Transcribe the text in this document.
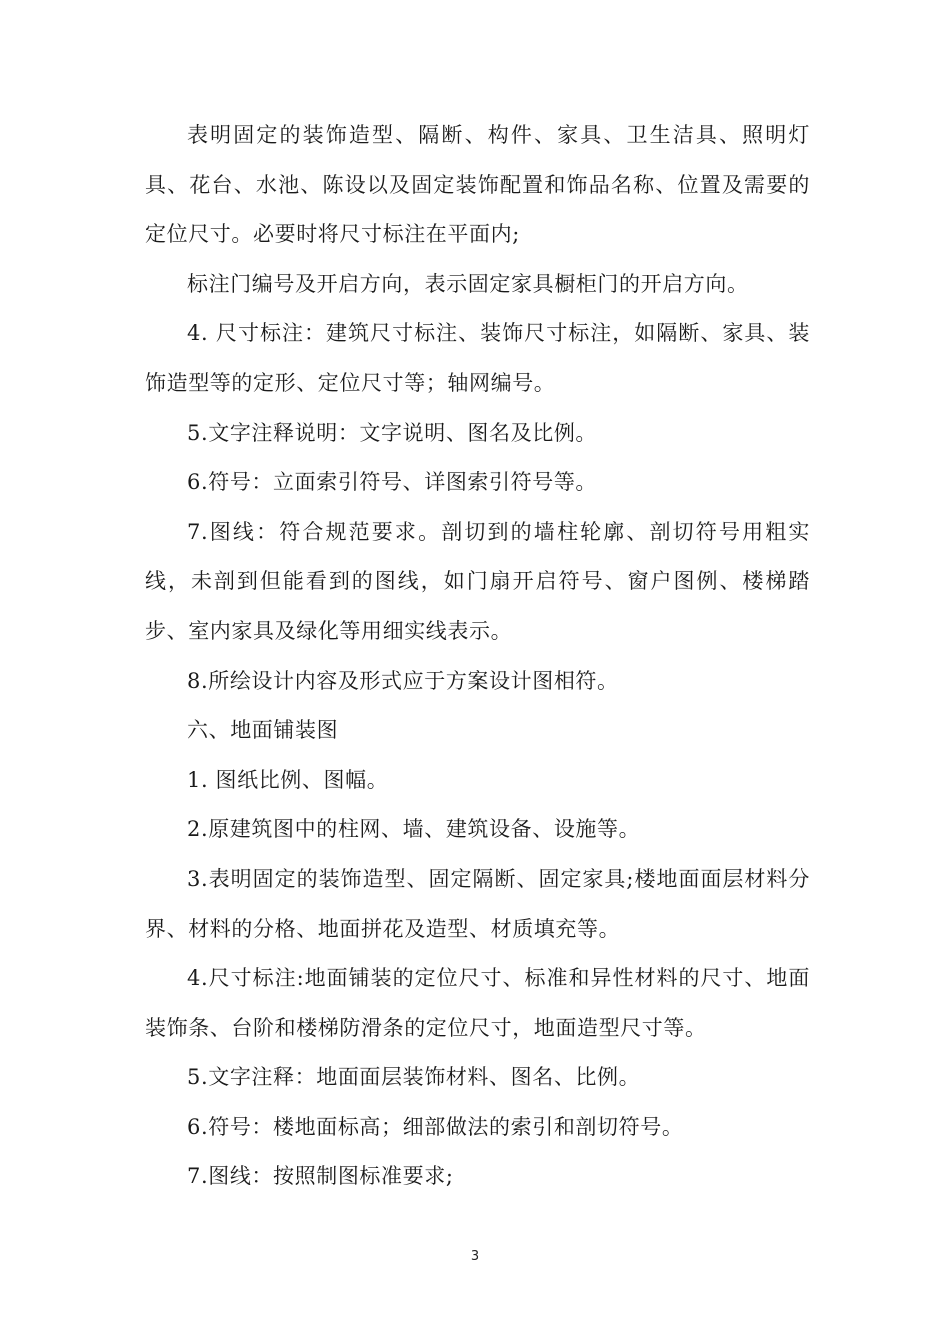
表明固定的装饰造型、隔断、构件、家具、卫生洁具、照明灯具、花台、水池、陈设以及固定装饰配置和饰品名称、位置及需要的定位尺寸。必要时将尺寸标注在平面内;

标注门编号及开启方向，表示固定家具橱柜门的开启方向。

4. 尺寸标注：建筑尺寸标注、装饰尺寸标注，如隔断、家具、装饰造型等的定形、定位尺寸等；轴网编号。

5.文字注释说明：文字说明、图名及比例。

6.符号：立面索引符号、详图索引符号等。

7.图线：符合规范要求。剖切到的墙柱轮廓、剖切符号用粗实线，未剖到但能看到的图线，如门扇开启符号、窗户图例、楼梯踏步、室内家具及绿化等用细实线表示。

8.所绘设计内容及形式应于方案设计图相符。

六、地面铺装图

1. 图纸比例、图幅。

2.原建筑图中的柱网、墙、建筑设备、设施等。

3.表明固定的装饰造型、固定隔断、固定家具;楼地面面层材料分界、材料的分格、地面拼花及造型、材质填充等。

4.尺寸标注:地面铺装的定位尺寸、标准和异性材料的尺寸、地面装饰条、台阶和楼梯防滑条的定位尺寸，地面造型尺寸等。

5.文字注释：地面面层装饰材料、图名、比例。

6.符号：楼地面标高；细部做法的索引和剖切符号。

7.图线：按照制图标准要求;

3
